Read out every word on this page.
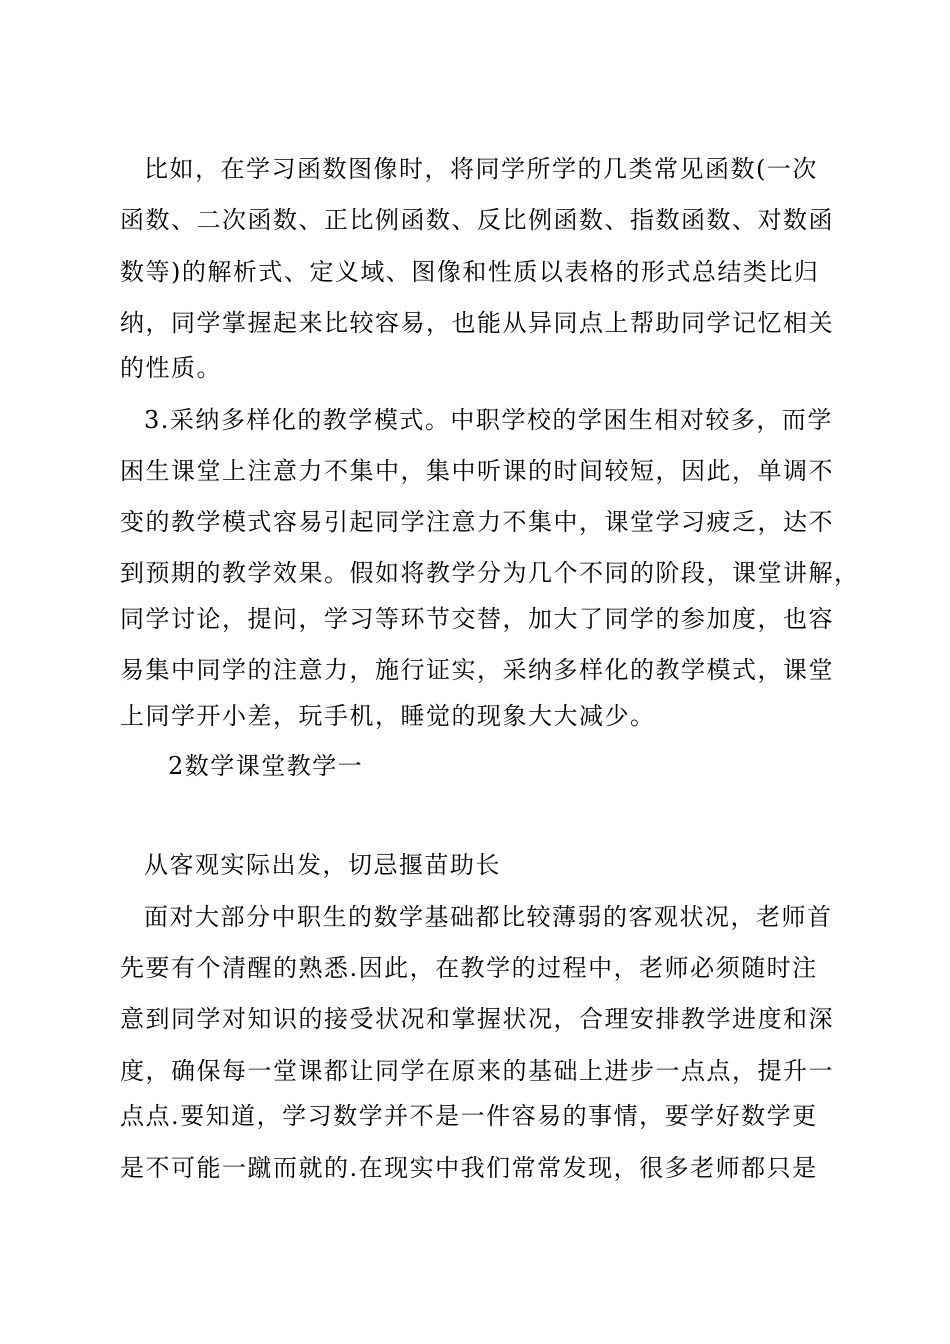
比如，在学习函数图像时，将同学所学的几类常见函数(一次
函数、二次函数、正比例函数、反比例函数、指数函数、对数函
数等)的解析式、定义域、图像和性质以表格的形式总结类比归
纳，同学掌握起来比较容易，也能从异同点上帮助同学记忆相关
的性质。
3.采纳多样化的教学模式。中职学校的学困生相对较多，而学
困生课堂上注意力不集中，集中听课的时间较短，因此，单调不
变的教学模式容易引起同学注意力不集中，课堂学习疲乏，达不
到预期的教学效果。假如将教学分为几个不同的阶段，课堂讲解，
同学讨论，提问，学习等环节交替，加大了同学的参加度，也容
易集中同学的注意力，施行证实，采纳多样化的教学模式，课堂
上同学开小差，玩手机，睡觉的现象大大减少。
2数学课堂教学一
从客观实际出发，切忌揠苗助长
面对大部分中职生的数学基础都比较薄弱的客观状况，老师首
先要有个清醒的熟悉.因此，在教学的过程中，老师必须随时注
意到同学对知识的接受状况和掌握状况，合理安排教学进度和深
度，确保每一堂课都让同学在原来的基础上进步一点点，提升一
点点.要知道，学习数学并不是一件容易的事情，要学好数学更
是不可能一蹴而就的.在现实中我们常常发现，很多老师都只是
